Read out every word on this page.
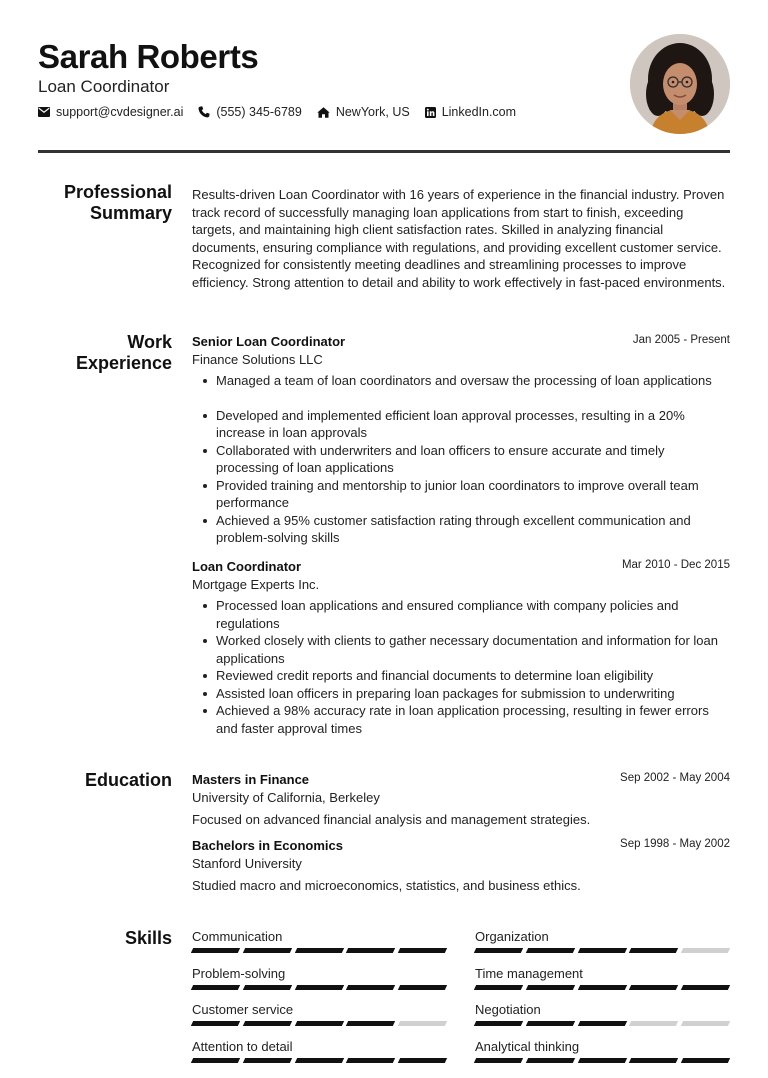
Sarah Roberts
Loan Coordinator
support@cvdesigner.ai	(555) 345-6789	NewYork, US	LinkedIn.com
Professional
Summary
Results-driven Loan Coordinator with 16 years of experience in the financial industry. Proven track record of successfully managing loan applications from start to finish, exceeding targets, and maintaining high client satisfaction rates. Skilled in analyzing financial documents, ensuring compliance with regulations, and providing excellent customer service. Recognized for consistently meeting deadlines and streamlining processes to improve efficiency. Strong attention to detail and ability to work effectively in fast-paced environments.
Work
Experience
Senior Loan Coordinator	Jan 2005 - Present
Finance Solutions LLC
Managed a team of loan coordinators and oversaw the processing of loan applications
Developed and implemented efficient loan approval processes, resulting in a 20% increase in loan approvals
Collaborated with underwriters and loan officers to ensure accurate and timely processing of loan applications
Provided training and mentorship to junior loan coordinators to improve overall team performance
Achieved a 95% customer satisfaction rating through excellent communication and problem-solving skills
Loan Coordinator	Mar 2010 - Dec 2015
Mortgage Experts Inc.
Processed loan applications and ensured compliance with company policies and regulations
Worked closely with clients to gather necessary documentation and information for loan applications
Reviewed credit reports and financial documents to determine loan eligibility
Assisted loan officers in preparing loan packages for submission to underwriting
Achieved a 98% accuracy rate in loan application processing, resulting in fewer errors and faster approval times
Education Masters in Finance	Sep 2002 - May 2004
University of California, Berkeley
Focused on advanced financial analysis and management strategies.
Bachelors in Economics	Sep 1998 - May 2002
Stanford University
Studied macro and microeconomics, statistics, and business ethics.
Skills Communication	Organization
Problem-solving	Time management
Customer service	Negotiation
Attention to detail	Analytical thinking
